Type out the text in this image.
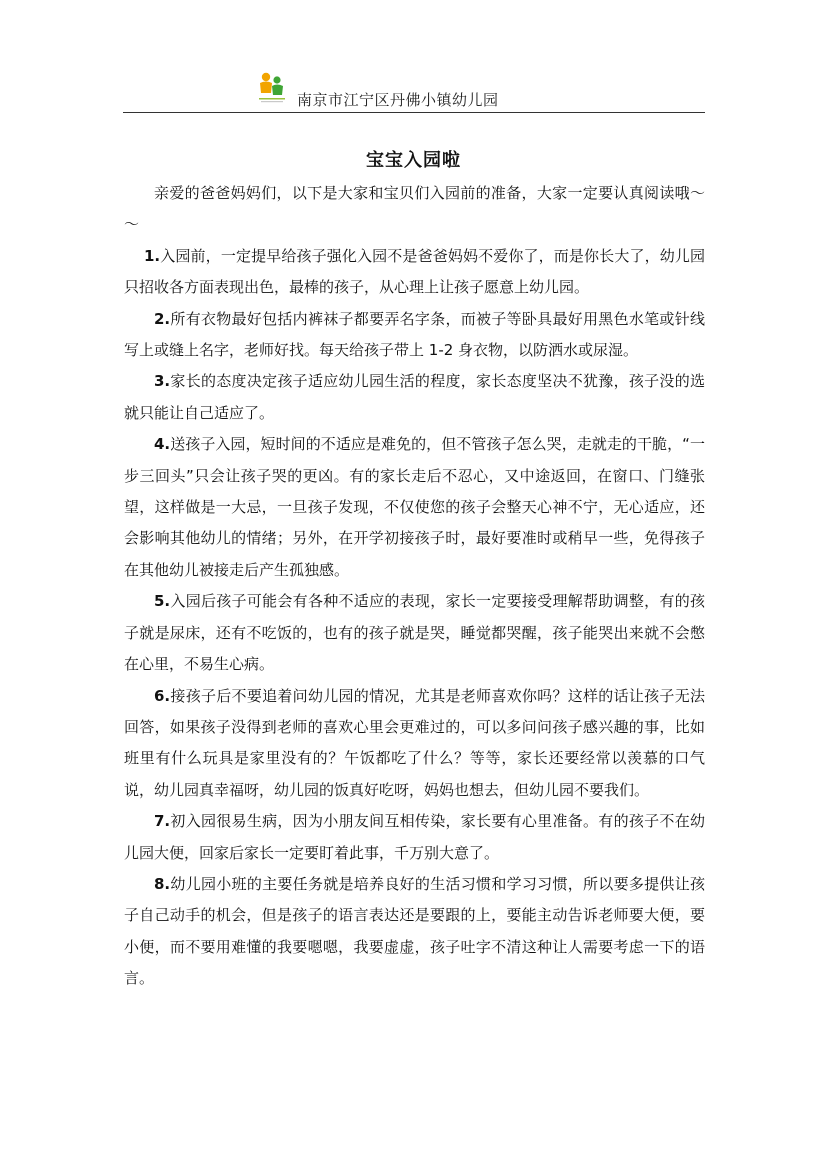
南京市江宁区丹佛小镇幼儿园
宝宝入园啦

亲爱的爸爸妈妈们，以下是大家和宝贝们入园前的准备，大家一定要认真阅读哦～～

1.入园前，一定提早给孩子强化入园不是爸爸妈妈不爱你了，而是你长大了，幼儿园只招收各方面表现出色，最棒的孩子，从心理上让孩子愿意上幼儿园。

2.所有衣物最好包括内裤袜子都要弄名字条，而被子等卧具最好用黑色水笔或针线写上或缝上名字，老师好找。每天给孩子带上 1-2 身衣物，以防洒水或尿湿。

3.家长的态度决定孩子适应幼儿园生活的程度，家长态度坚决不犹豫，孩子没的选就只能让自己适应了。

4.送孩子入园，短时间的不适应是难免的，但不管孩子怎么哭，走就走的干脆，“一步三回头”只会让孩子哭的更凶。有的家长走后不忍心，又中途返回，在窗口、门缝张望，这样做是一大忌，一旦孩子发现，不仅使您的孩子会整天心神不宁，无心适应，还会影响其他幼儿的情绪；另外，在开学初接孩子时，最好要准时或稍早一些，免得孩子在其他幼儿被接走后产生孤独感。

5.入园后孩子可能会有各种不适应的表现，家长一定要接受理解帮助调整，有的孩子就是尿床，还有不吃饭的，也有的孩子就是哭，睡觉都哭醒，孩子能哭出来就不会憋在心里，不易生心病。

6.接孩子后不要追着问幼儿园的情况，尤其是老师喜欢你吗？这样的话让孩子无法回答，如果孩子没得到老师的喜欢心里会更难过的，可以多问问孩子感兴趣的事，比如班里有什么玩具是家里没有的？午饭都吃了什么？等等，家长还要经常以羡慕的口气说，幼儿园真幸福呀，幼儿园的饭真好吃呀，妈妈也想去，但幼儿园不要我们。

7.初入园很易生病，因为小朋友间互相传染，家长要有心里准备。有的孩子不在幼儿园大便，回家后家长一定要盯着此事，千万别大意了。

8.幼儿园小班的主要任务就是培养良好的生活习惯和学习习惯，所以要多提供让孩子自己动手的机会，但是孩子的语言表达还是要跟的上，要能主动告诉老师要大便，要小便，而不要用难懂的我要嗯嗯，我要虚虚，孩子吐字不清这种让人需要考虑一下的语言。
